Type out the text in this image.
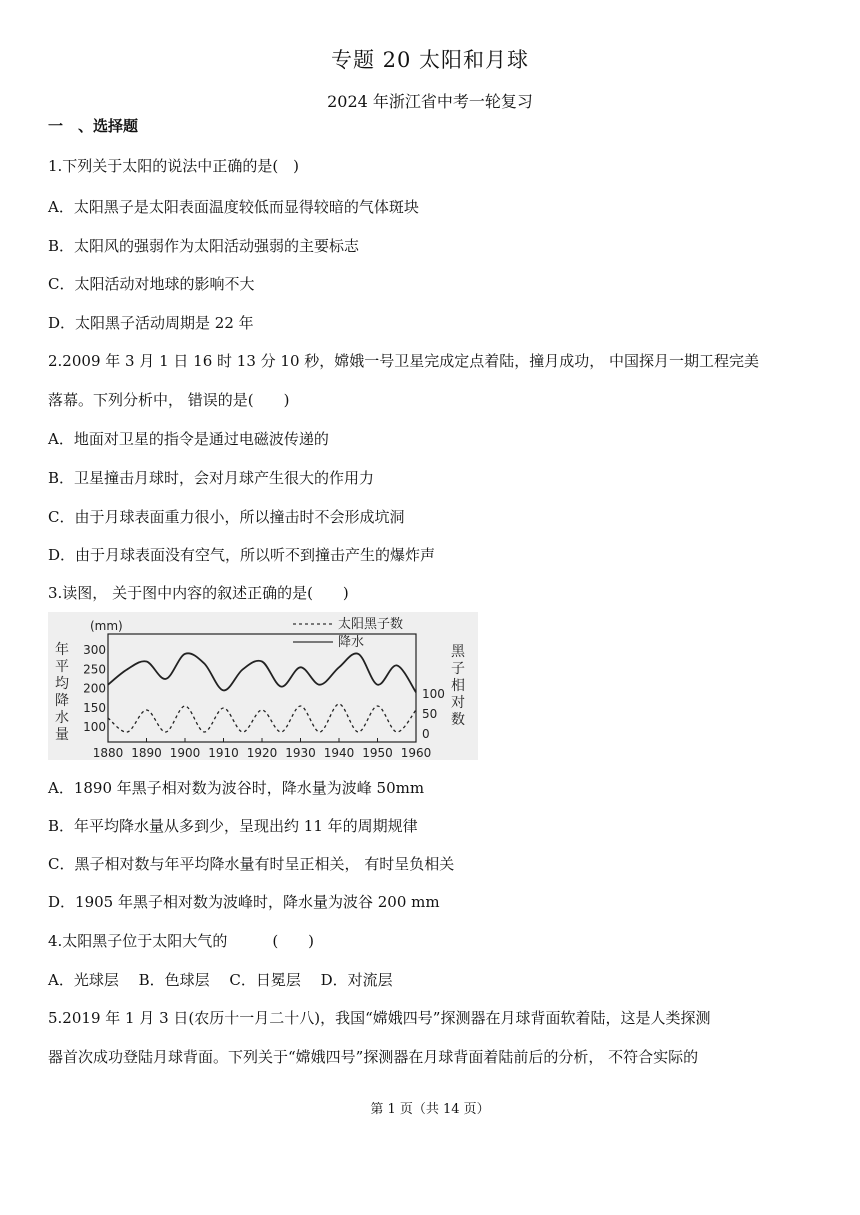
专题 20 太阳和月球
2024 年浙江省中考一轮复习
一　、选择题
1.下列关于太阳的说法中正确的是(　)
A．太阳黑子是太阳表面温度较低而显得较暗的气体斑块
B．太阳风的强弱作为太阳活动强弱的主要标志
C．太阳活动对地球的影响不大
D．太阳黑子活动周期是 22 年
2.2009 年 3 月 1 日 16 时 13 分 10 秒，嫦娥一号卫星完成定点着陆，撞月成功， 中国探月一期工程完美
落幕。下列分析中， 错误的是(　　)
A．地面对卫星的指令是通过电磁波传递的
B．卫星撞击月球时，会对月球产生很大的作用力
C．由于月球表面重力很小，所以撞击时不会形成坑洞
D．由于月球表面没有空气，所以听不到撞击产生的爆炸声
3.读图， 关于图中内容的叙述正确的是(　　)
年
平
均
降
水
量
(mm)
300
250
200
150
100
黑
子
相
对
数
100
50
0
1880 1890 1900 1910 1920 1930 1940 1950 1960
太阳黑子数
降水
A．1890 年黑子相对数为波谷时，降水量为波峰 50mm
B．年平均降水量从多到少，呈现出约 11 年的周期规律
C．黑子相对数与年平均降水量有时呈正相关， 有时呈负相关
D．1905 年黑子相对数为波峰时，降水量为波谷 200 mm
4.太阳黑子位于太阳大气的　　　(　　)
A．光球层　 B．色球层　 C．日冕层　 D．对流层
5.2019 年 1 月 3 日(农历十一月二十八)，我国“嫦娥四号”探测器在月球背面软着陆，这是人类探测
器首次成功登陆月球背面。下列关于“嫦娥四号”探测器在月球背面着陆前后的分析， 不符合实际的
第 1 页（共 14 页）
